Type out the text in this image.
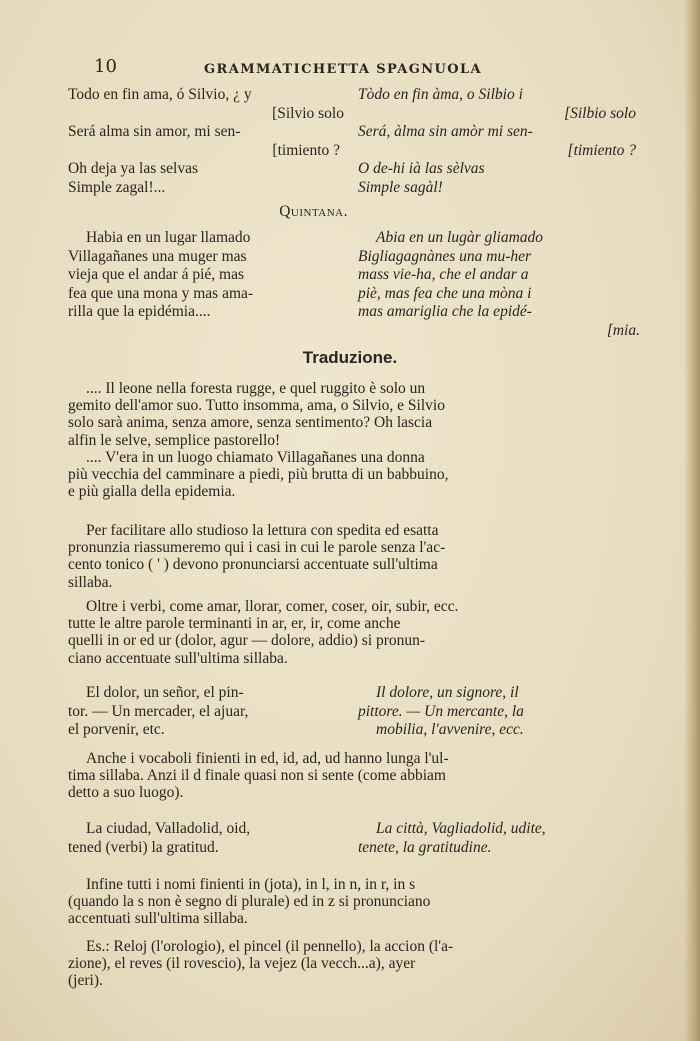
10	GRAMMATICHETTA SPAGNUOLA
Todo en fin ama, ó Silvio, ¿ y
[Silvio solo
Será alma sin amor, mi sen-
[timiento ?
Oh deja ya las selvas
Simple zagal!...
Quintana.
Tòdo en fin àma, o Silbio i
[Silbio solo
Será, àlma sin amòr mi sen-
[timiento ?
O de-hi ià las sèlvas
Simple sagàl!
Habia en un lugar llamado
Villagañanes una muger mas
vieja que el andar á pié, mas
fea que una mona y mas ama-
rilla que la epidémia....
Abia en un lugàr gliamado
Bigliagagnànes una mu-her
mass vie-ha, che el andar a
piè, mas fea che una mòna i
mas amariglia che la epidé-
[mia.
Traduzione.
.... Il leone nella foresta rugge, e quel ruggito è solo un
gemito dell'amor suo. Tutto insomma, ama, o Silvio, e Silvio
solo sarà anima, senza amore, senza sentimento? Oh lascia
alfin le selve, semplice pastorello!
.... V'era in un luogo chiamato Villagañanes una donna
più vecchia del camminare a piedi, più brutta di un babbuino,
e più gialla della epidemia.
Per facilitare allo studioso la lettura con spedita ed esatta
pronunzia riassumeremo qui i casi in cui le parole senza l'ac-
cento tonico ( ' ) devono pronunciarsi accentuate sull'ultima
sillaba.
Oltre i verbi, come amar, llorar, comer, coser, oir, subir, ecc.
tutte le altre parole terminanti in ar, er, ir, come anche
quelli in or ed ur (dolor, agur — dolore, addio) si pronun-
ciano accentuate sull'ultima sillaba.
El dolor, un señor, el pin-
tor. — Un mercader, el ajuar,
el porvenir, etc.
Il dolore, un signore, il
pittore. — Un mercante, la
mobilia, l'avvenire, ecc.
Anche i vocaboli finienti in ed, id, ad, ud hanno lunga l'ul-
tima sillaba. Anzi il d finale quasi non si sente (come abbiam
detto a suo luogo).
La ciudad, Valladolid, oid,
tened (verbi) la gratitud.
La città, Vagliadolid, udite,
tenete, la gratitudine.
Infine tutti i nomi finienti in (jota), in l, in n, in r, in s
(quando la s non è segno di plurale) ed in z si pronunciano
accentuati sull'ultima sillaba.
Es.: Reloj (l'orologio), el pincel (il pennello), la accion (l'a-
zione), el reves (il rovescio), la vejez (la vecch...a), ayer
(jeri).
